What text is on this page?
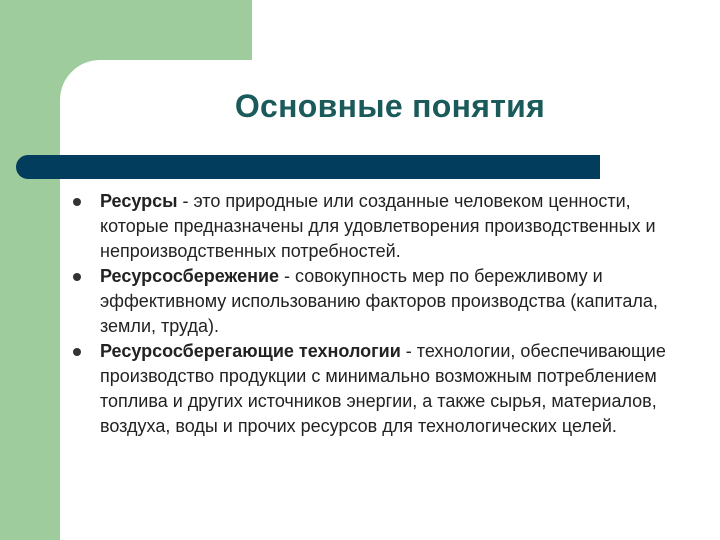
Основные понятия
Ресурсы - это природные или созданные человеком ценности, которые предназначены для удовлетворения производственных и непроизводственных потребностей.
Ресурсосбережение - совокупность мер по бережливому и эффективному использованию факторов производства (капитала, земли, труда).
Ресурсосберегающие технологии - технологии, обеспечивающие производство продукции с минимально возможным потреблением топлива и других источников энергии, а также сырья, материалов, воздуха, воды и прочих ресурсов для технологических целей.
